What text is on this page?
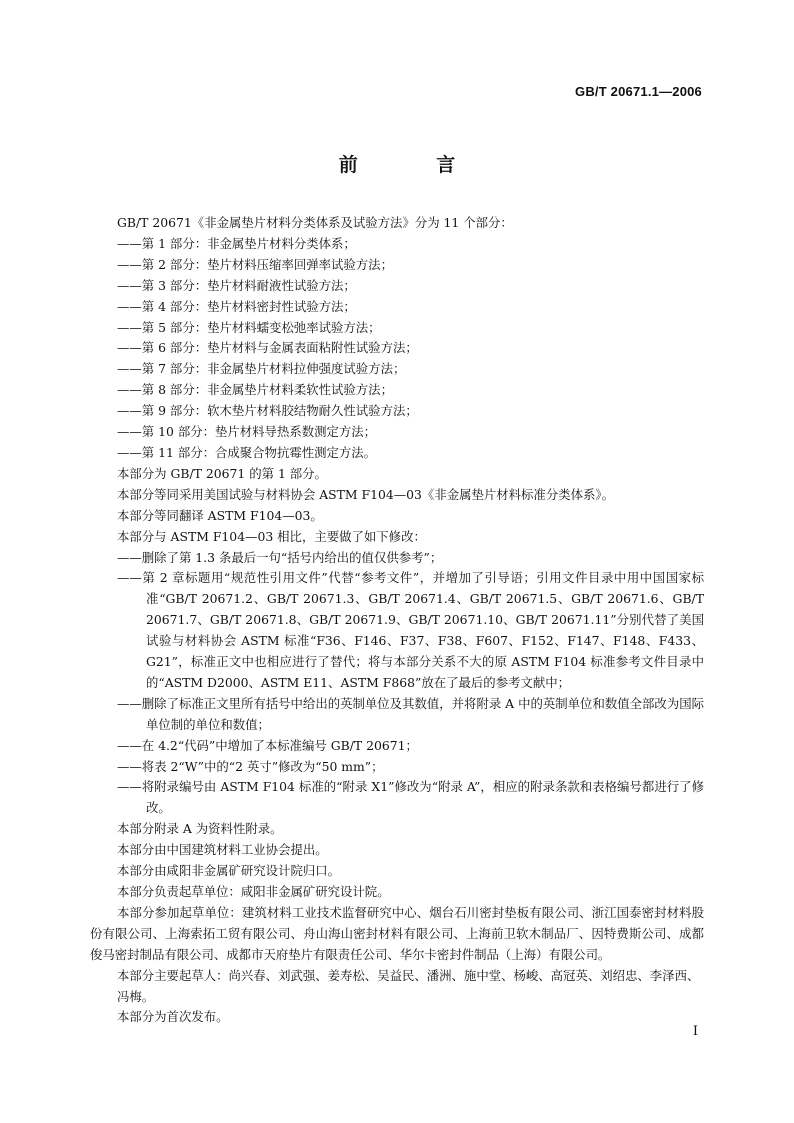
GB/T 20671.1—2006
前 言

GB/T 20671《非金属垫片材料分类体系及试验方法》分为 11 个部分：

——第 1 部分：非金属垫片材料分类体系；

——第 2 部分：垫片材料压缩率回弹率试验方法；

——第 3 部分：垫片材料耐液性试验方法；

——第 4 部分：垫片材料密封性试验方法；

——第 5 部分：垫片材料蠕变松弛率试验方法；

——第 6 部分：垫片材料与金属表面粘附性试验方法；

——第 7 部分：非金属垫片材料拉伸强度试验方法；

——第 8 部分：非金属垫片材料柔软性试验方法；

——第 9 部分：软木垫片材料胶结物耐久性试验方法；

——第 10 部分：垫片材料导热系数测定方法；

——第 11 部分：合成聚合物抗霉性测定方法。

本部分为 GB/T 20671 的第 1 部分。

本部分等同采用美国试验与材料协会 ASTM F104—03《非金属垫片材料标准分类体系》。

本部分等同翻译 ASTM F104—03。

本部分与 ASTM F104—03 相比，主要做了如下修改：

——删除了第 1.3 条最后一句“括号内给出的值仅供参考”；

——第 2 章标题用“规范性引用文件”代替“参考文件”，并增加了引导语；引用文件目录中用中国国家标准“GB/T 20671.2、GB/T 20671.3、GB/T 20671.4、GB/T 20671.5、GB/T 20671.6、GB/T 20671.7、GB/T 20671.8、GB/T 20671.9、GB/T 20671.10、GB/T 20671.11”分别代替了美国试验与材料协会 ASTM 标准“F36、F146、F37、F38、F607、F152、F147、F148、F433、G21”，标准正文中也相应进行了替代；将与本部分关系不大的原 ASTM F104 标准参考文件目录中的“ASTM D2000、ASTM E11、ASTM F868”放在了最后的参考文献中；

——删除了标准正文里所有括号中给出的英制单位及其数值，并将附录 A 中的英制单位和数值全部改为国际单位制的单位和数值；

——在 4.2“代码”中增加了本标准编号 GB/T 20671；

——将表 2“W”中的“2 英寸”修改为“50 mm”；

——将附录编号由 ASTM F104 标准的“附录 X1”修改为“附录 A”，相应的附录条款和表格编号都进行了修改。

本部分附录 A 为资料性附录。

本部分由中国建筑材料工业协会提出。

本部分由咸阳非金属矿研究设计院归口。

本部分负责起草单位：咸阳非金属矿研究设计院。

本部分参加起草单位：建筑材料工业技术监督研究中心、烟台石川密封垫板有限公司、浙江国泰密封材料股份有限公司、上海索拓工贸有限公司、舟山海山密封材料有限公司、上海前卫软木制品厂、因特费斯公司、成都俊马密封制品有限公司、成都市天府垫片有限责任公司、华尔卡密封件制品（上海）有限公司。

本部分主要起草人：尚兴春、刘武强、姜寿松、吴益民、潘洲、施中堂、杨峻、高冠英、刘绍忠、李泽西、冯梅。

本部分为首次发布。

I
